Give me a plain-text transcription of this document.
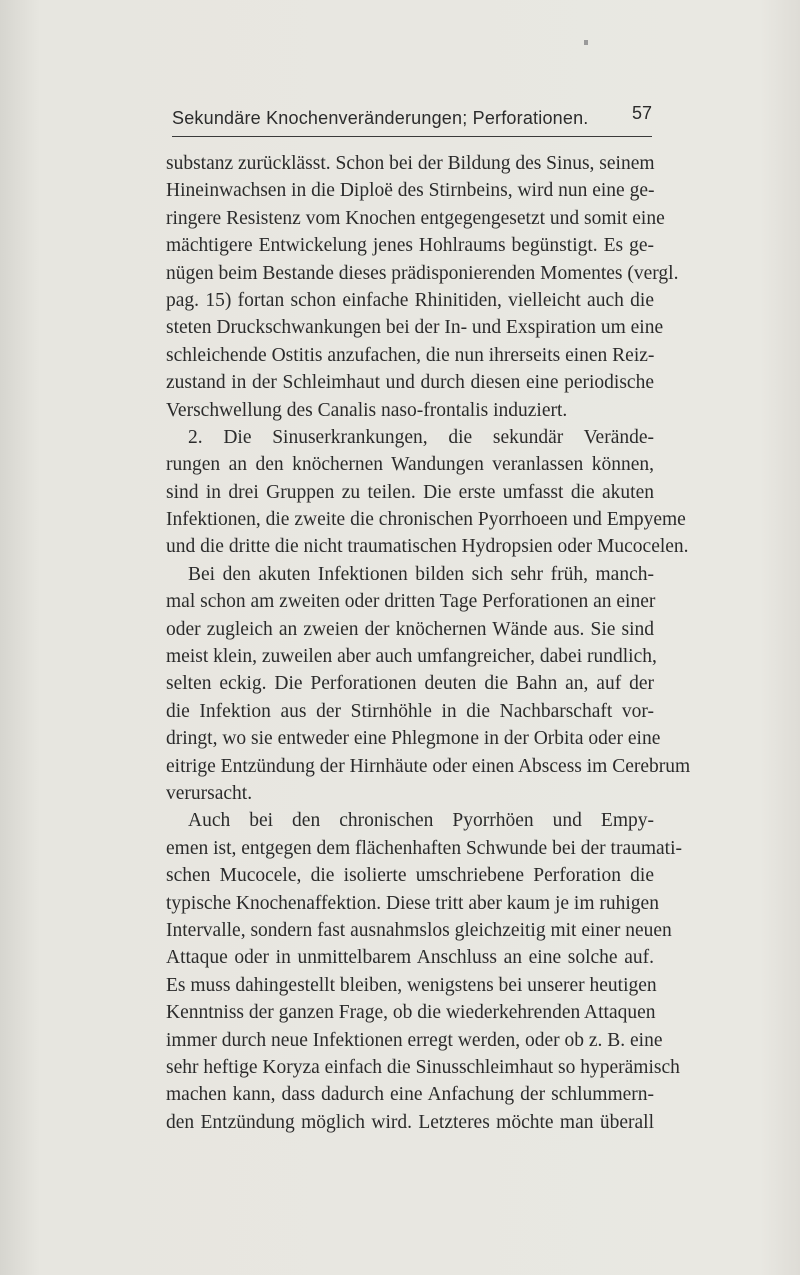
Sekundäre Knochenveränderungen; Perforationen. 57
substanz zurücklässt. Schon bei der Bildung des Sinus, seinem
Hineinwachsen in die Diploë des Stirnbeins, wird nun eine ge-
ringere Resistenz vom Knochen entgegengesetzt und somit eine
mächtigere Entwickelung jenes Hohlraums begünstigt. Es ge-
nügen beim Bestande dieses prädisponierenden Momentes (vergl.
pag. 15) fortan schon einfache Rhinitiden, vielleicht auch die
steten Druckschwankungen bei der In- und Exspiration um eine
schleichende Ostitis anzufachen, die nun ihrerseits einen Reiz-
zustand in der Schleimhaut und durch diesen eine periodische
Verschwellung des Canalis naso-frontalis induziert.
2. Die Sinuserkrankungen, die sekundär Verände-
rungen an den knöchernen Wandungen veranlassen können,
sind in drei Gruppen zu teilen. Die erste umfasst die akuten
Infektionen, die zweite die chronischen Pyorrhoeen und Empyeme
und die dritte die nicht traumatischen Hydropsien oder Mucocelen.
Bei den akuten Infektionen bilden sich sehr früh, manch-
mal schon am zweiten oder dritten Tage Perforationen an einer
oder zugleich an zweien der knöchernen Wände aus. Sie sind
meist klein, zuweilen aber auch umfangreicher, dabei rundlich,
selten eckig. Die Perforationen deuten die Bahn an, auf der
die Infektion aus der Stirnhöhle in die Nachbarschaft vor-
dringt, wo sie entweder eine Phlegmone in der Orbita oder eine
eitrige Entzündung der Hirnhäute oder einen Abscess im Cerebrum
verursacht.
Auch bei den chronischen Pyorrhöen und Empy-
emen ist, entgegen dem flächenhaften Schwunde bei der traumati-
schen Mucocele, die isolierte umschriebene Perforation die
typische Knochenaffektion. Diese tritt aber kaum je im ruhigen
Intervalle, sondern fast ausnahmslos gleichzeitig mit einer neuen
Attaque oder in unmittelbarem Anschluss an eine solche auf.
Es muss dahingestellt bleiben, wenigstens bei unserer heutigen
Kenntniss der ganzen Frage, ob die wiederkehrenden Attaquen
immer durch neue Infektionen erregt werden, oder ob z. B. eine
sehr heftige Koryza einfach die Sinusschleimhaut so hyperämisch
machen kann, dass dadurch eine Anfachung der schlummern-
den Entzündung möglich wird. Letzteres möchte man überall
